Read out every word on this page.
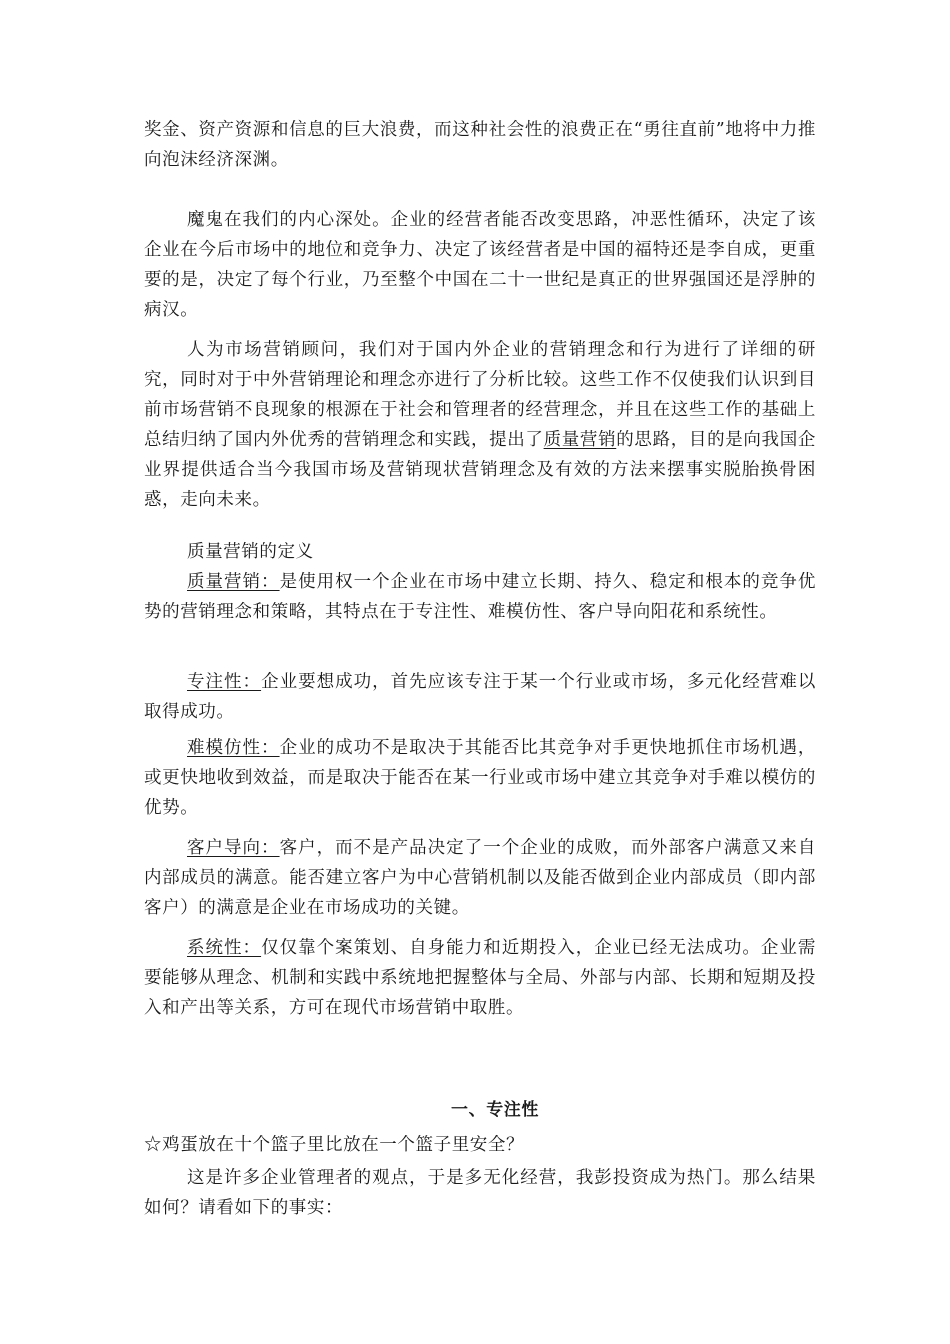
奖金、资产资源和信息的巨大浪费，而这种社会性的浪费正在“勇往直前”地将中力推向泡沫经济深渊。

魔鬼在我们的内心深处。企业的经营者能否改变思路，冲恶性循环，决定了该企业在今后市场中的地位和竞争力、决定了该经营者是中国的福特还是李自成，更重要的是，决定了每个行业，乃至整个中国在二十一世纪是真正的世界强国还是浮肿的病汉。

人为市场营销顾问，我们对于国内外企业的营销理念和行为进行了详细的研究，同时对于中外营销理论和理念亦进行了分析比较。这些工作不仅使我们认识到目前市场营销不良现象的根源在于社会和管理者的经营理念，并且在这些工作的基础上总结归纳了国内外优秀的营销理念和实践，提出了质量营销的思路，目的是向我国企业界提供适合当今我国市场及营销现状营销理念及有效的方法来摆事实脱胎换骨困惑，走向未来。

质量营销的定义

质量营销：是使用权一个企业在市场中建立长期、持久、稳定和根本的竞争优势的营销理念和策略，其特点在于专注性、难模仿性、客户导向阳花和系统性。

专注性：企业要想成功，首先应该专注于某一个行业或市场，多元化经营难以取得成功。

难模仿性：企业的成功不是取决于其能否比其竞争对手更快地抓住市场机遇，或更快地收到效益，而是取决于能否在某一行业或市场中建立其竞争对手难以模仿的优势。

客户导向：客户，而不是产品决定了一个企业的成败，而外部客户满意又来自内部成员的满意。能否建立客户为中心营销机制以及能否做到企业内部成员（即内部客户）的满意是企业在市场成功的关键。

系统性：仅仅靠个案策划、自身能力和近期投入，企业已经无法成功。企业需要能够从理念、机制和实践中系统地把握整体与全局、外部与内部、长期和短期及投入和产出等关系，方可在现代市场营销中取胜。

一、专注性

☆鸡蛋放在十个篮子里比放在一个篮子里安全？

这是许多企业管理者的观点，于是多无化经营，我彭投资成为热门。那么结果如何？请看如下的事实：
